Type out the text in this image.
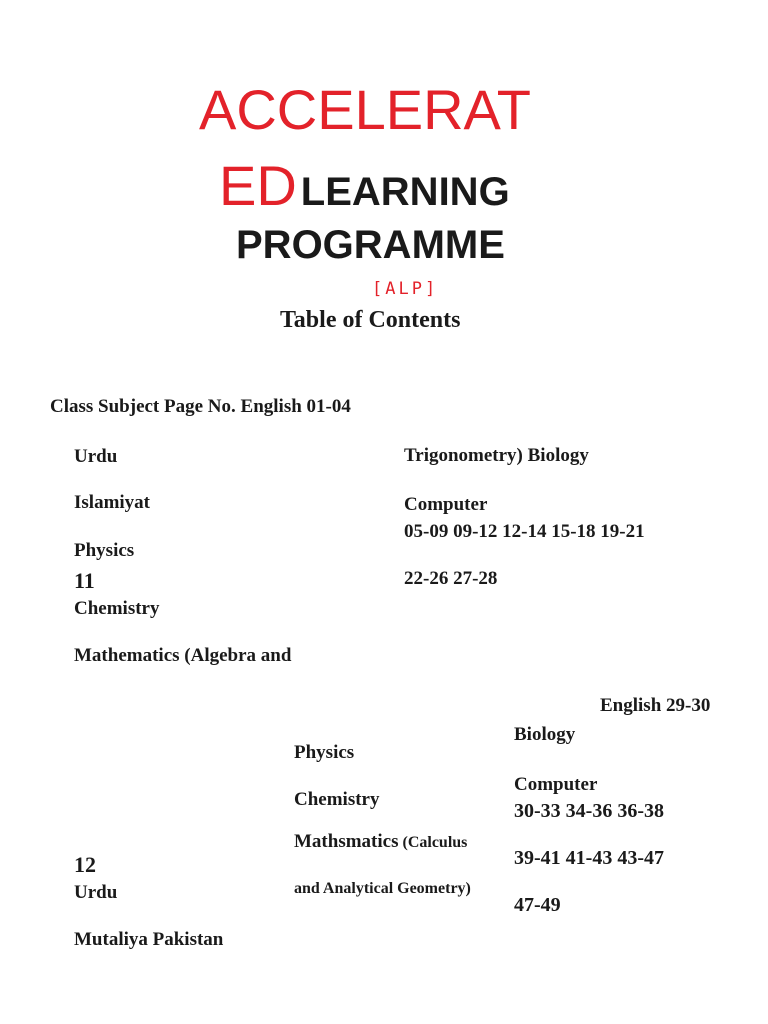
ACCELERAT
ED LEARNING
PROGRAMME
[ALP]
Table of Contents
Class Subject Page No. English 01-04
Urdu
Islamiyat
Physics
11
Chemistry
Mathematics (Algebra and
Trigonometry) Biology
Computer
05-09 09-12 12-14 15-18 19-21
22-26 27-28
English 29-30
Biology
Computer
30-33 34-36 36-38
39-41 41-43 43-47
47-49
Physics
Chemistry
Mathsmatics (Calculus
and Analytical Geometry)
12
Urdu
Mutaliya Pakistan
